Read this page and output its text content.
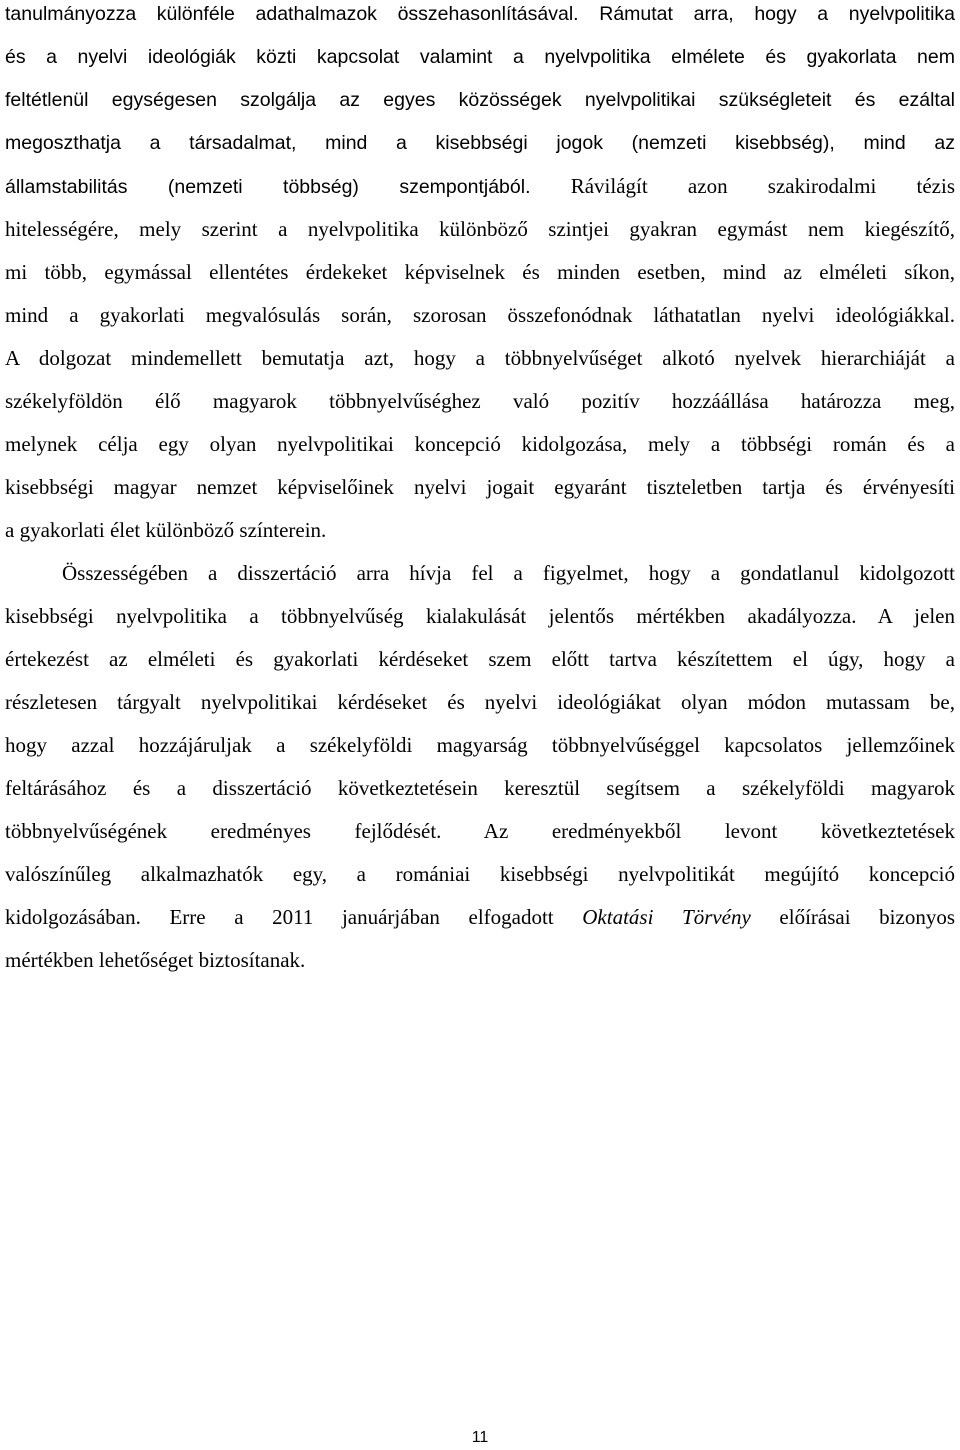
tanulmányozza különféle adathalmazok összehasonlításával. Rámutat arra, hogy a nyelvpolitika
és a nyelvi ideológiák közti kapcsolat valamint a nyelvpolitika elmélete és gyakorlata nem
feltétlenül egységesen szolgálja az egyes közösségek nyelvpolitikai szükségleteit és ezáltal
megoszthatja a társadalmat, mind a kisebbségi jogok (nemzeti kisebbség), mind az
államstabilitás (nemzeti többség) szempontjából. Rávilágít azon szakirodalmi tézis
hitelességére, mely szerint a nyelvpolitika különböző szintjei gyakran egymást nem kiegészítő,
mi több, egymással ellentétes érdekeket képviselnek és minden esetben, mind az elméleti síkon,
mind a gyakorlati megvalósulás során, szorosan összefonódnak láthatatlan nyelvi ideológiákkal.
A dolgozat mindemellett bemutatja azt, hogy a többnyelvűséget alkotó nyelvek hierarchiáját a
székelyföldön élő magyarok többnyelvűséghez való pozitív hozzáállása határozza meg,
melynek célja egy olyan nyelvpolitikai koncepció kidolgozása, mely a többségi román és a
kisebbségi magyar nemzet képviselőinek nyelvi jogait egyaránt tiszteletben tartja és érvényesíti
a gyakorlati élet különböző színterein.
Összességében a disszertáció arra hívja fel a figyelmet, hogy a gondatlanul kidolgozott
kisebbségi nyelvpolitika a többnyelvűség kialakulását jelentős mértékben akadályozza. A jelen
értekezést az elméleti és gyakorlati kérdéseket szem előtt tartva készítettem el úgy, hogy a
részletesen tárgyalt nyelvpolitikai kérdéseket és nyelvi ideológiákat olyan módon mutassam be,
hogy azzal hozzájáruljak a székelyföldi magyarság többnyelvűséggel kapcsolatos jellemzőinek
feltárásához és a disszertáció következtetésein keresztül segítsem a székelyföldi magyarok
többnyelvűségének eredményes fejlődését. Az eredményekből levont következtetések
valószínűleg alkalmazhatók egy, a romániai kisebbségi nyelvpolitikát megújító koncepció
kidolgozásában. Erre a 2011 januárjában elfogadott Oktatási Törvény előírásai bizonyos
mértékben lehetőséget biztosítanak.
11
